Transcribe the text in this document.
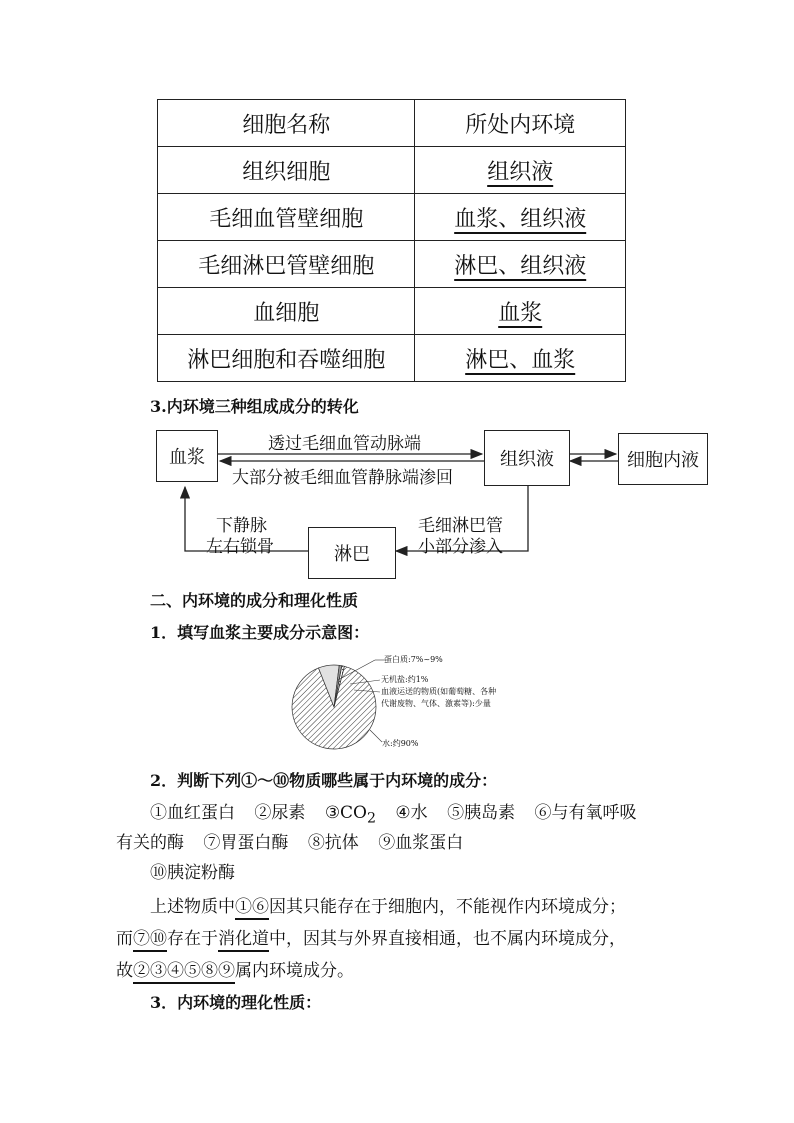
细胞名称	所处内环境
组织细胞	组织液
毛细血管壁细胞	血浆、组织液
毛细淋巴管壁细胞	淋巴、组织液
血细胞	血浆
淋巴细胞和吞噬细胞	淋巴、血浆
3.内环境三种组成成分的转化
血浆	组织液	细胞内液
淋巴
透过毛细血管动脉端
大部分被毛细血管静脉端渗回
毛细淋巴管
小部分渗入
下静脉
左右锁骨
二、内环境的成分和理化性质
1．填写血浆主要成分示意图：
蛋白质:7%~9%
无机盐:约1%
血液运送的物质(如葡萄糖、各种
代谢废物、气体、激素等):少量
水:约90%
2．判断下列①～⑩物质哪些属于内环境的成分：
①血红蛋白 ②尿素 $③CO_2$ ④水 ⑤胰岛素 ⑥与有氧呼吸
有关的酶 ⑦胃蛋白酶 ⑧抗体 ⑨血浆蛋白
⑩胰淀粉酶
上述物质中①⑥因其只能存在于细胞内，不能视作内环境成分；
而⑦⑩存在于消化道中，因其与外界直接相通，也不属内环境成分，
故②③④⑤⑧⑨属内环境成分。
3．内环境的理化性质：
